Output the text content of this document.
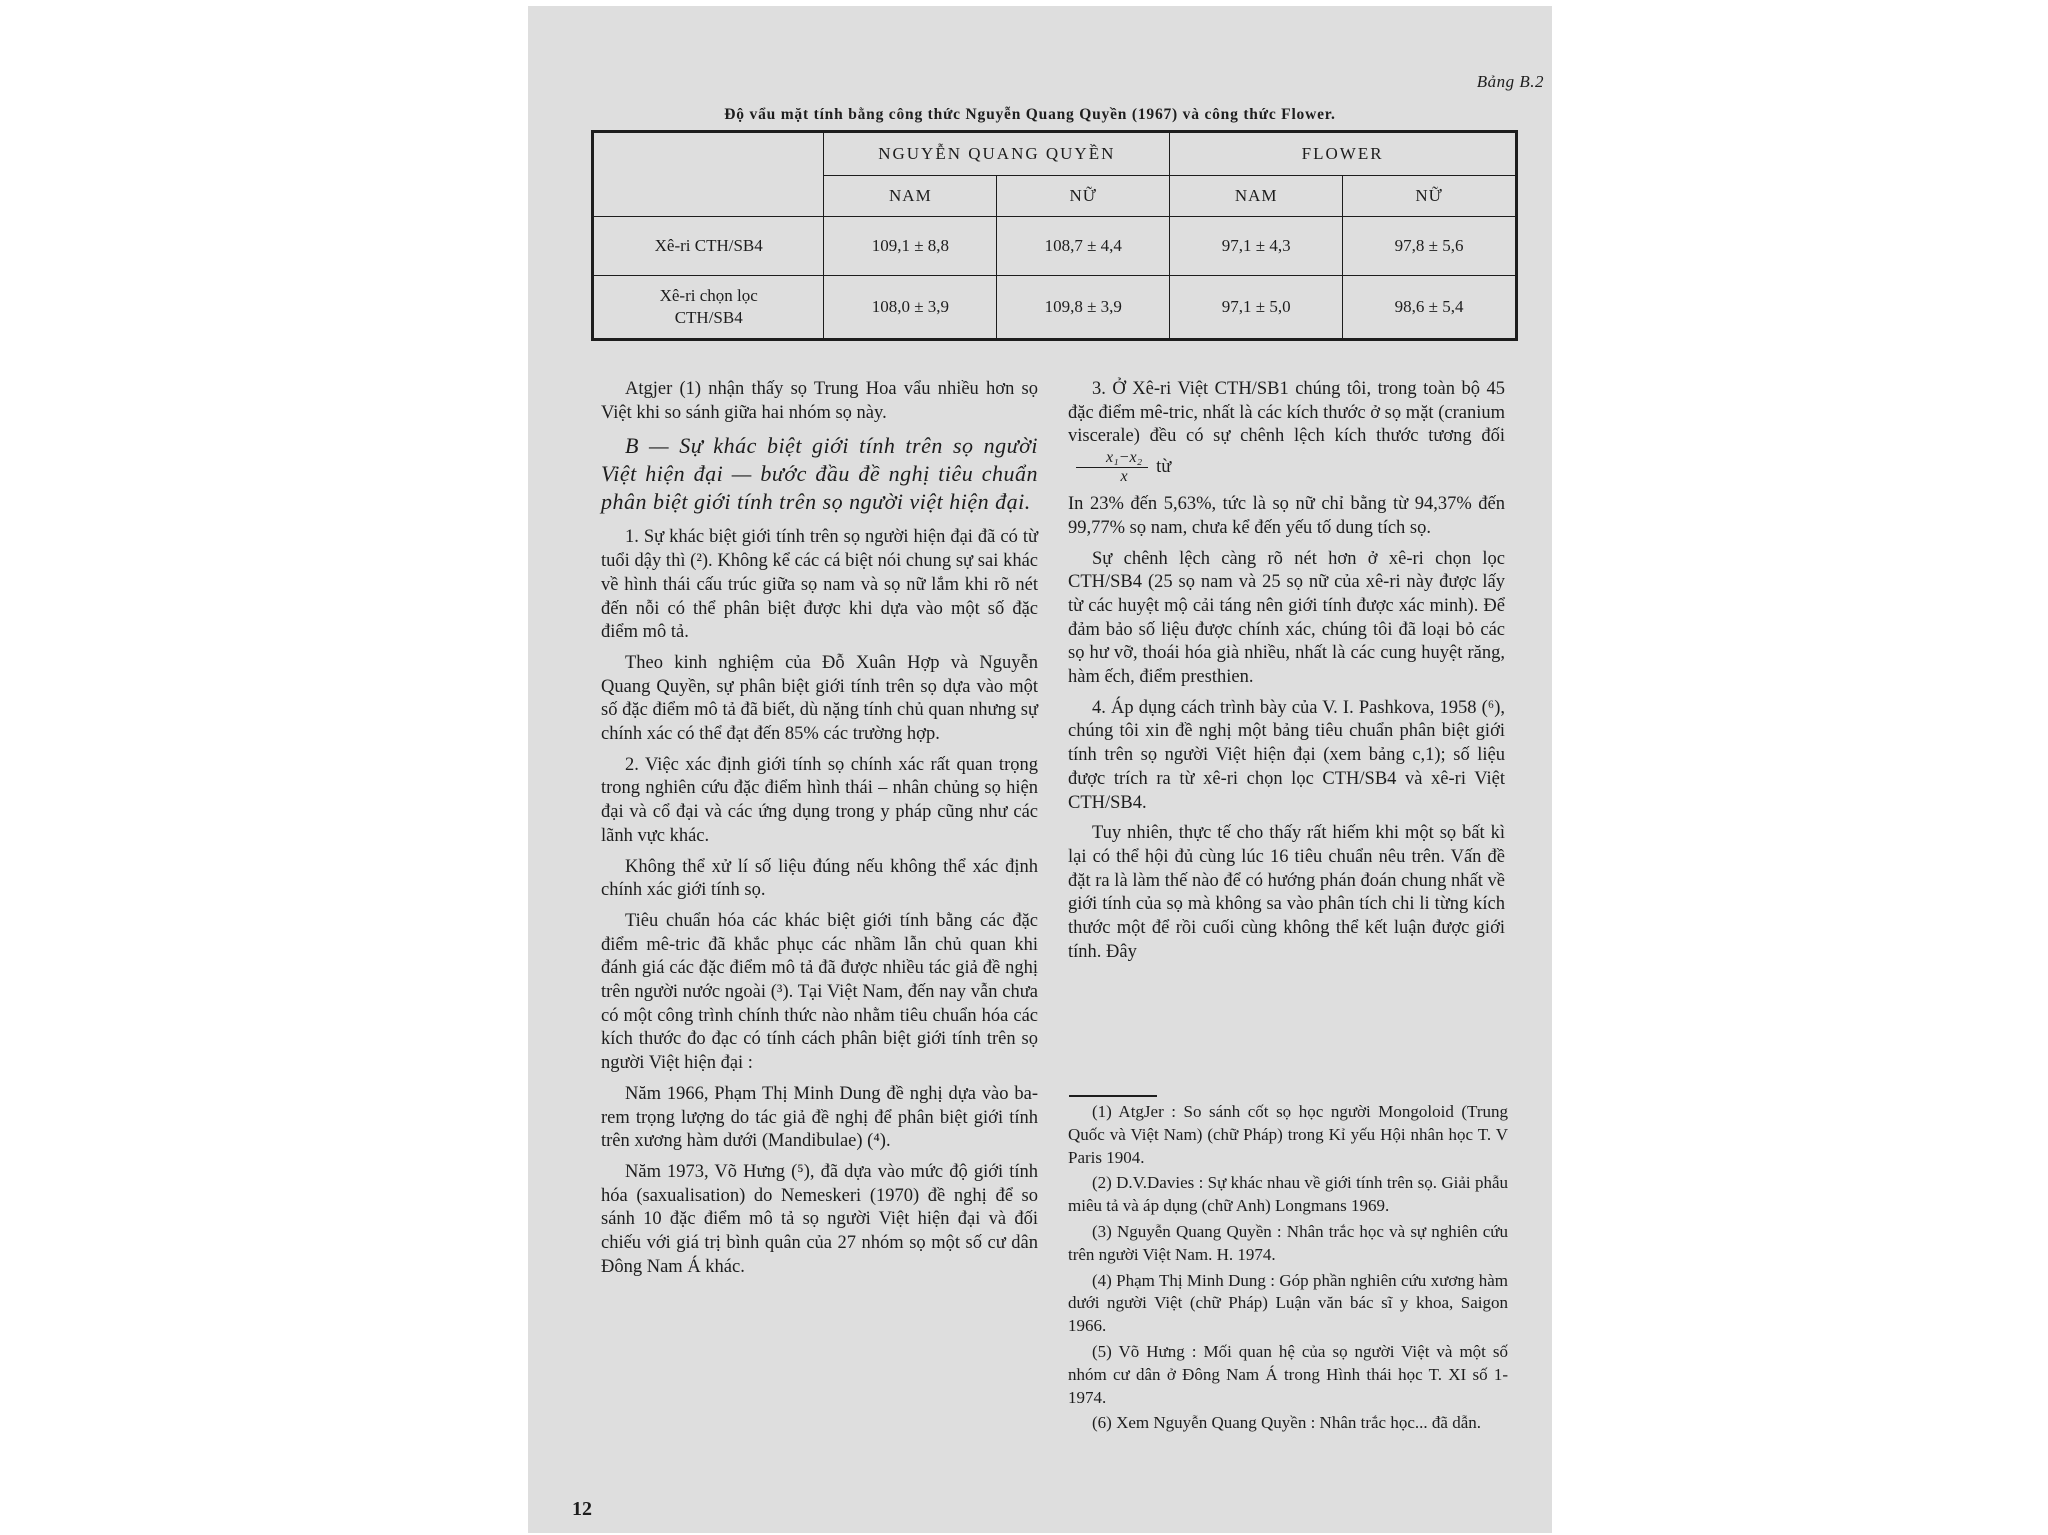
Bảng B.2
Độ vẩu mặt tính bằng công thức Nguyễn Quang Quyền (1967) và công thức Flower.
	NGUYỄN QUANG QUYỀN		FLOWER	
	NAM	NỮ	NAM	NỮ
Xê-ri CTH/SB4	109,1 ± 8,8	108,7 ± 4,4	97,1 ± 4,3	97,8 ± 5,6
Xê-ri chọn lọc
CTH/SB4	108,0 ± 3,9	109,8 ± 3,9	97,1 ± 5,0	98,6 ± 5,4

Atgjer (1) nhận thấy sọ Trung Hoa vẩu nhiều hơn sọ Việt khi so sánh giữa hai nhóm sọ này.

B — Sự khác biệt giới tính trên sọ người Việt hiện đại — bước đầu đề nghị tiêu chuẩn phân biệt giới tính trên sọ người việt hiện đại.

1. Sự khác biệt giới tính trên sọ người hiện đại đã có từ tuổi dậy thì (²). Không kể các cá biệt nói chung sự sai khác về hình thái cấu trúc giữa sọ nam và sọ nữ lắm khi rõ nét đến nỗi có thể phân biệt được khi dựa vào một số đặc điểm mô tả.

Theo kinh nghiệm của Đỗ Xuân Hợp và Nguyễn Quang Quyền, sự phân biệt giới tính trên sọ dựa vào một số đặc điểm mô tả đã biết, dù nặng tính chủ quan nhưng sự chính xác có thể đạt đến 85% các trường hợp.

2. Việc xác định giới tính sọ chính xác rất quan trọng trong nghiên cứu đặc điểm hình thái – nhân chủng sọ hiện đại và cổ đại và các ứng dụng trong y pháp cũng như các lãnh vực khác.

Không thể xử lí số liệu đúng nếu không thể xác định chính xác giới tính sọ.

Tiêu chuẩn hóa các khác biệt giới tính bằng các đặc điểm mê-tric đã khắc phục các nhầm lẫn chủ quan khi đánh giá các đặc điểm mô tả đã được nhiều tác giả đề nghị trên người nước ngoài (³). Tại Việt Nam, đến nay vẫn chưa có một công trình chính thức nào nhằm tiêu chuẩn hóa các kích thước đo đạc có tính cách phân biệt giới tính trên sọ người Việt hiện đại :

Năm 1966, Phạm Thị Minh Dung đề nghị dựa vào ba-rem trọng lượng do tác giả đề nghị để phân biệt giới tính trên xương hàm dưới (Mandibulae) (⁴).

Năm 1973, Võ Hưng (⁵), đã dựa vào mức độ giới tính hóa (saxualisation) do Nemeskeri (1970) đề nghị để so sánh 10 đặc điểm mô tả sọ người Việt hiện đại và đối chiếu với giá trị bình quân của 27 nhóm sọ một số cư dân Đông Nam Á khác.

3. Ở Xê-ri Việt CTH/SB1 chúng tôi, trong toàn bộ 45 đặc điểm mê-tric, nhất là các kích thước ở sọ mặt (cranium viscerale) đều có sự chênh lệch kích thước tương đối
$\frac{\text{x₁−x₂}}{x}$ từ

In 23% đến 5,63%, tức là sọ nữ chỉ bằng từ 94,37% đến 99,77% sọ nam, chưa kể đến yếu tố dung tích sọ.

Sự chênh lệch càng rõ nét hơn ở xê-ri chọn lọc CTH/SB4 (25 sọ nam và 25 sọ nữ của xê-ri này được lấy từ các huyệt mộ cải táng nên giới tính được xác minh). Để đảm bảo số liệu được chính xác, chúng tôi đã loại bỏ các sọ hư vỡ, thoái hóa già nhiều, nhất là các cung huyệt răng, hàm ếch, điểm presthien.

4. Áp dụng cách trình bày của V. I. Pashkova, 1958 (⁶), chúng tôi xin đề nghị một bảng tiêu chuẩn phân biệt giới tính trên sọ người Việt hiện đại (xem bảng c,1); số liệu được trích ra từ xê-ri chọn lọc CTH/SB4 và xê-ri Việt CTH/SB4.

Tuy nhiên, thực tế cho thấy rất hiếm khi một sọ bất kì lại có thể hội đủ cùng lúc 16 tiêu chuẩn nêu trên. Vấn đề đặt ra là làm thế nào để có hướng phán đoán chung nhất về giới tính của sọ mà không sa vào phân tích chi li từng kích thước một để rồi cuối cùng không thể kết luận được giới tính. Đây

(1) AtgJer : So sánh cốt sọ học người Mongoloid (Trung Quốc và Việt Nam) (chữ Pháp) trong Kỉ yếu Hội nhân học T. V Paris 1904.

(2) D.V.Davies : Sự khác nhau về giới tính trên sọ. Giải phẫu miêu tả và áp dụng (chữ Anh) Longmans 1969.

(3) Nguyễn Quang Quyền : Nhân trắc học và sự nghiên cứu trên người Việt Nam. H. 1974.

(4) Phạm Thị Minh Dung : Góp phần nghiên cứu xương hàm dưới người Việt (chữ Pháp) Luận văn bác sĩ y khoa, Saigon 1966.

(5) Võ Hưng : Mối quan hệ của sọ người Việt và một số nhóm cư dân ở Đông Nam Á trong Hình thái học T. XI số 1-1974.

(6) Xem Nguyễn Quang Quyền : Nhân trắc học... đã dẫn.

12
